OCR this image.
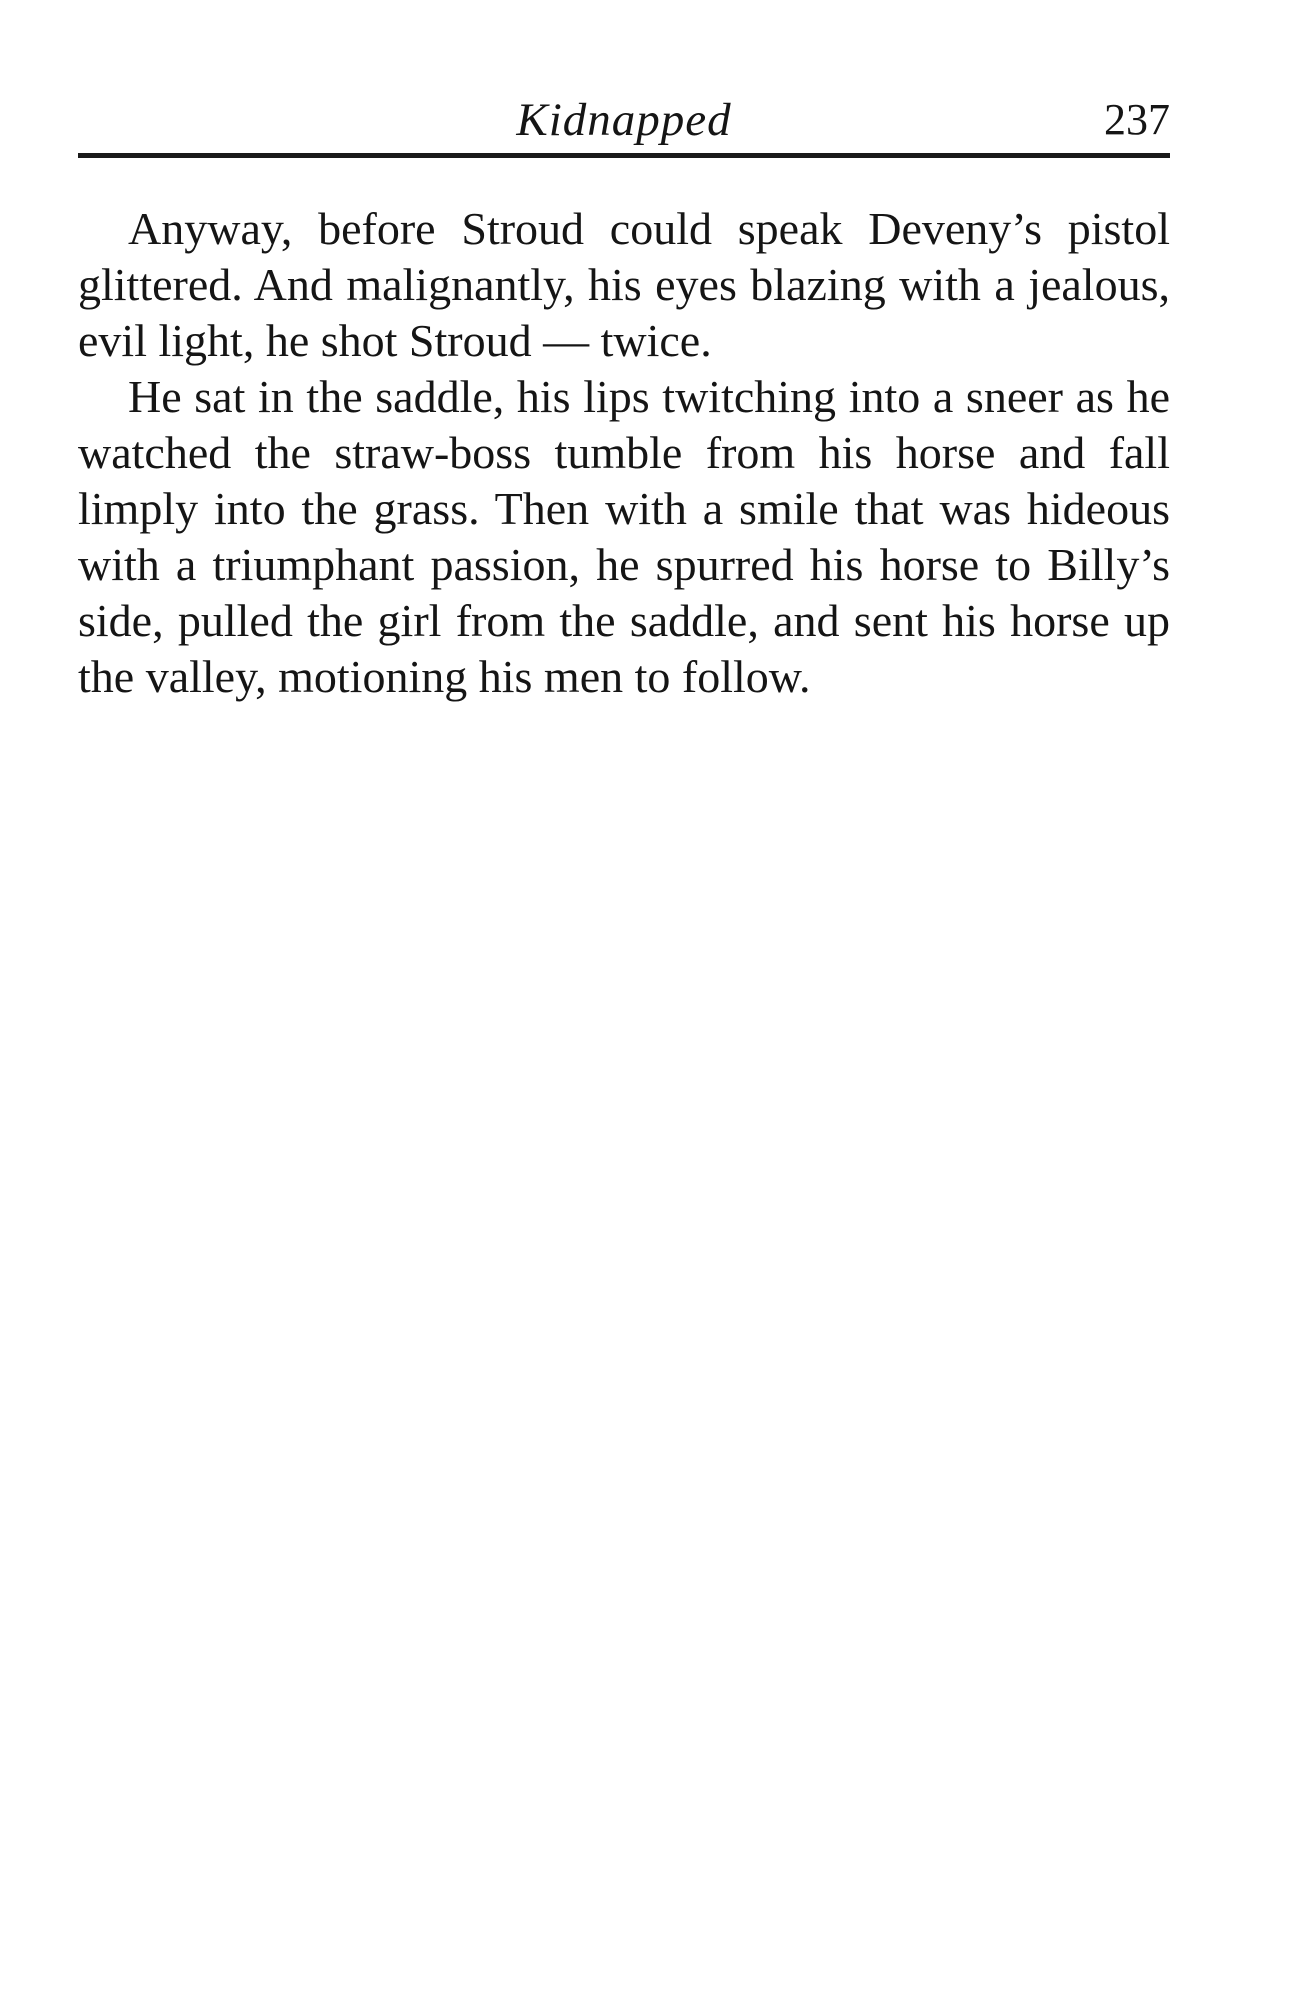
Kidnapped	237

Anyway, before Stroud could speak Deveny’s pistol glittered. And malignantly, his eyes blazing with a jealous, evil light, he shot Stroud — twice.

He sat in the saddle, his lips twitching into a sneer as he watched the straw-boss tumble from his horse and fall limply into the grass. Then with a smile that was hideous with a triumphant passion, he spurred his horse to Billy’s side, pulled the girl from the saddle, and sent his horse up the valley, motioning his men to follow.
